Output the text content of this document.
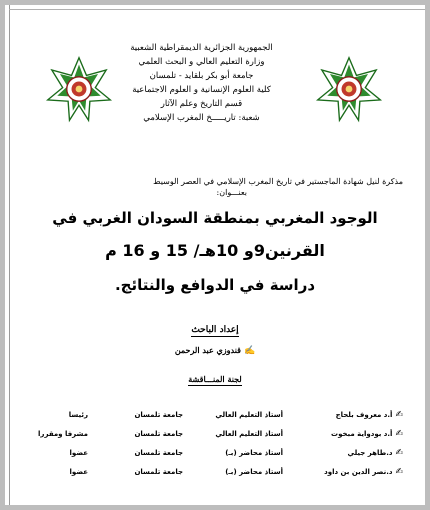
الجمهورية الجزائرية الديمقراطية الشعبية
وزارة التعليم العالي و البحث العلمي
جامعة أبو بكر بلقايد - تلمسان
كلية العلوم الإنسانية و العلوم الاجتماعية
قسم التاريخ وعلم الآثار
شعبة: تاريـــــخ المغرب الإسلامي
مذكرة لنيل شهادة الماجستير في تاريخ المغرب الإسلامي في العصر الوسيط
بعنـــوان:
الوجود المغربي بمنطقة السودان الغربي في
القرنين9و 10هـ/ 15 و 16 م
دراسة في الدوافع والنتائج.
إعداد الباحث
✍قندوزي عبد الرحمن
لجنة المنـــاقشة
✍أ.د معروف بلحاج	أستاذ التعليم العالي	جامعة تلمسان	رئيسا
✍أ.د بودواية مبخوت	أستاذ التعليم العالي	جامعة تلمسان	مشرفا ومقررا
✍د.طاهر جيلي	أستاذ محاضر (بـ)	جامعة تلمسان	عضوا
✍د.نصر الدين بن داود	أستاذ محاضر (بـ)	جامعة تلمسان	عضوا
